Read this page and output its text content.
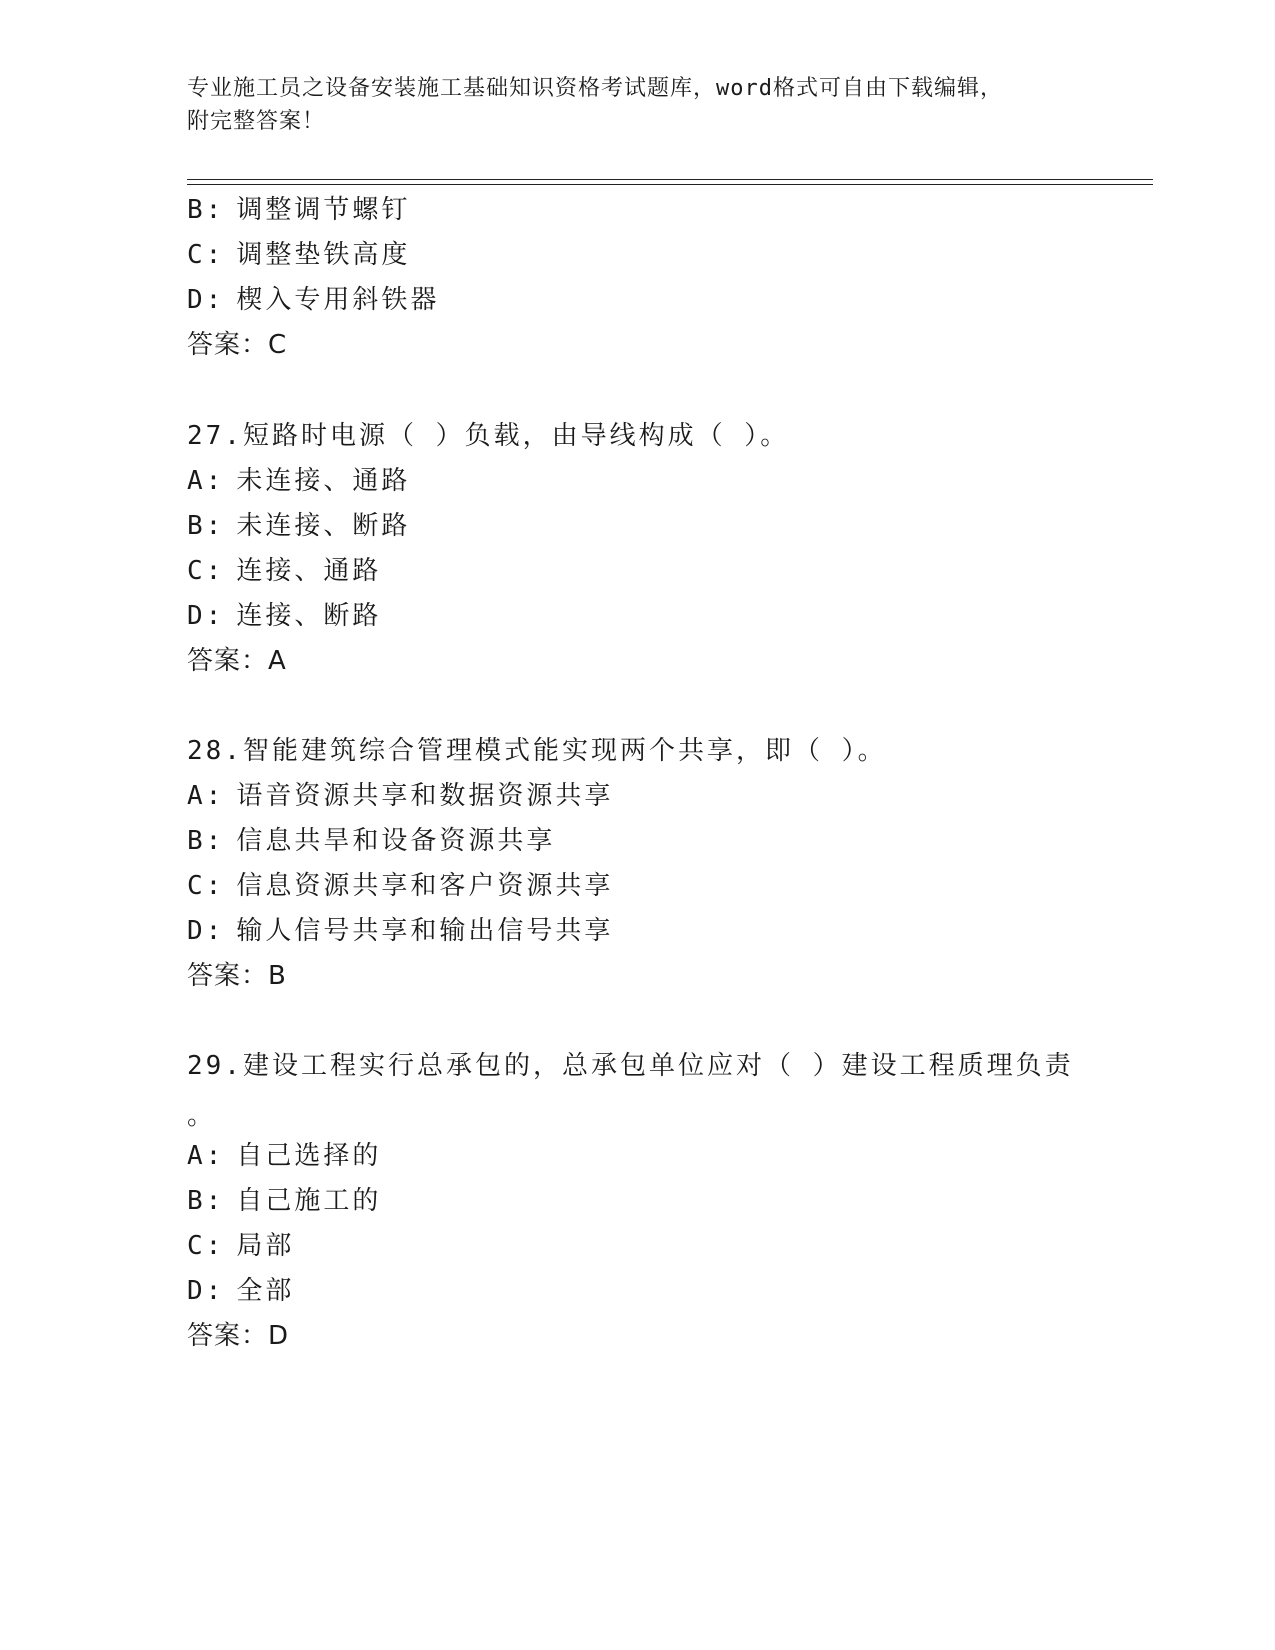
专业施工员之设备安装施工基础知识资格考试题库，word格式可自由下载编辑，
附完整答案！
B: 调整调节螺钉
C: 调整垫铁高度
D: 楔入专用斜铁器
答案：C
27.短路时电源（ ）负载，由导线构成（ ）。
A: 未连接、通路
B: 未连接、断路
C: 连接、通路
D: 连接、断路
答案：A
28.智能建筑综合管理模式能实现两个共享，即（ ）。
A: 语音资源共享和数据资源共享
B: 信息共旱和设备资源共享
C: 信息资源共享和客户资源共享
D: 输人信号共享和输出信号共享
答案：B
29.建设工程实行总承包的，总承包单位应对（ ）建设工程质理负责
。
A: 自己选择的
B: 自己施工的
C: 局部
D: 全部
答案：D
